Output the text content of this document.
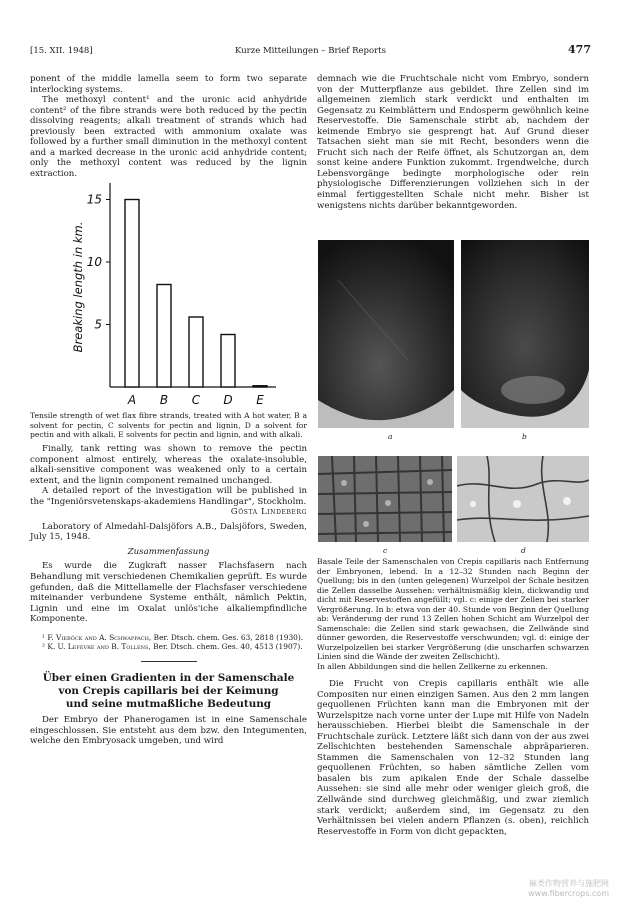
[15. XII. 1948]	Kurze Mitteilungen – Brief Reports	477

ponent of the middle lamella seem to form two separate interlocking systems.

The methoxyl content¹ and the uronic acid anhydride content² of the fibre strands were both reduced by the pectin dissolving reagents; alkali treatment of strands which had previously been extracted with ammonium oxalate was followed by a further small diminution in the methoxyl content and a marked decrease in the uronic acid anhydride content; only the methoxyl content was reduced by the lignin extraction.

5
10
15
Breaking length in km.
A B C D E

Tensile strength of wet flax fibre strands, treated with A hot water, B a solvent for pectin, C solvents for pectin and lignin, D a solvent for pectin and with alkali, E solvents for pectin and lignin, and with alkali.

Finally, tank retting was shown to remove the pectin component almost entirely, whereas the oxalate-insoluble, alkali-sensitive component was weakened only to a certain extent, and the lignin component remained unchanged.

A detailed report of the investigation will be published in the "Ingeniörsvetenskaps-akademiens Handlingar", Stockholm.

Gösta Lindeberg

Laboratory of Almedahl-Dalsjöfors A.B., Dalsjöfors, Sweden, July 15, 1948.

Zusammenfassung

Es wurde die Zugkraft nasser Flachsfasern nach Behandlung mit verschiedenen Chemikalien geprüft. Es wurde gefunden, daß die Mittellamelle der Flachsfaser verschiedene miteinander verbundene Systeme enthält, nämlich Pektin, Lignin und eine im Oxalat unlös'iche alkaliempfindliche Komponente.

¹ F. Vieböck and A. Schwappach, Ber. Dtsch. chem. Ges. 63, 2818 (1930).

² K. U. Lefèvre and B. Tollens, Ber. Dtsch. chem. Ges. 40, 4513 (1907).

Über einen Gradienten in der Samenschale
von Crepis capillaris bei der Keimung
und seine mutmaßliche Bedeutung

Der Embryo der Phanerogamen ist in eine Samenschale eingeschlossen. Sie entsteht aus dem bzw. den Integumenten, welche den Embryosack umgeben, und wird

demnach wie die Fruchtschale nicht vom Embryo, sondern von der Mutterpflanze aus gebildet. Ihre Zellen sind im allgemeinen ziemlich stark verdickt und enthalten im Gegensatz zu Keimblättern und Endosperm gewöhnlich keine Reservestoffe. Die Samenschale stirbt ab, nachdem der keimende Embryo sie gesprengt hat. Auf Grund dieser Tatsachen sieht man sie mit Recht, besonders wenn die Frucht sich nach der Reife öffnet, als Schutzorgan an, dem sonst keine andere Funktion zukommt. Irgendwelche, durch Lebensvorgänge bedingte morphologische oder rein physiologische Differenzierungen vollziehen sich in der einmal fertiggestellten Schale nicht mehr. Bisher ist wenigstens nichts darüber bekanntgeworden.

a	b
c	d

Basale Teile der Samenschalen von Crepis capillaris nach Entfernung der Embryonen, lebend. In a 12–32 Stunden nach Beginn der Quellung; bis in den (unten gelegenen) Wurzelpol der Schale besitzen die Zellen dasselbe Aussehen: verhältnismäßig klein, dickwandig und dicht mit Reservestoffen angefüllt; vgl. c: einige der Zellen bei starker Vergrößerung. In b: etwa von der 40. Stunde von Beginn der Quellung ab: Veränderung der rund 13 Zellen hohen Schicht am Wurzelpol der Samenschale: die Zellen sind stark gewachsen, die Zellwände sind dünner geworden, die Reservestoffe verschwunden; vgl. d: einige der Wurzelpolzellen bei starker Vergrößerung (die unscharfen schwarzen Linien sind die Wände der zweiten Zellschicht).

In allen Abbildungen sind die hellen Zellkerne zu erkennen.

Die Frucht von Crepis capillaris enthält wie alle Compositen nur einen einzigen Samen. Aus den 2 mm langen gequollenen Früchten kann man die Embryonen mit der Wurzelspitze nach vorne unter der Lupe mit Hilfe von Nadeln herausschieben. Hierbei bleibt die Samenschale in der Fruchtschale zurück. Letztere läßt sich dann von der aus zwei Zellschichten bestehenden Samenschale abpräparieren. Stammen die Samenschalen von 12–32 Stunden lang gequollenen Früchten, so haben sämtliche Zellen vom basalen bis zum apikalen Ende der Schale dasselbe Aussehen: sie sind alle mehr oder weniger gleich groß, die Zellwände sind durchweg gleichmäßig, und zwar ziemlich stark verdickt; außerdem sind, im Gegensatz zu den Verhältnissen bei vielen andern Pflanzen (s. oben), reichlich Reservestoffe in Form von dicht gepackten,

麻类作物营养与施肥网
www.fibercrops.com
